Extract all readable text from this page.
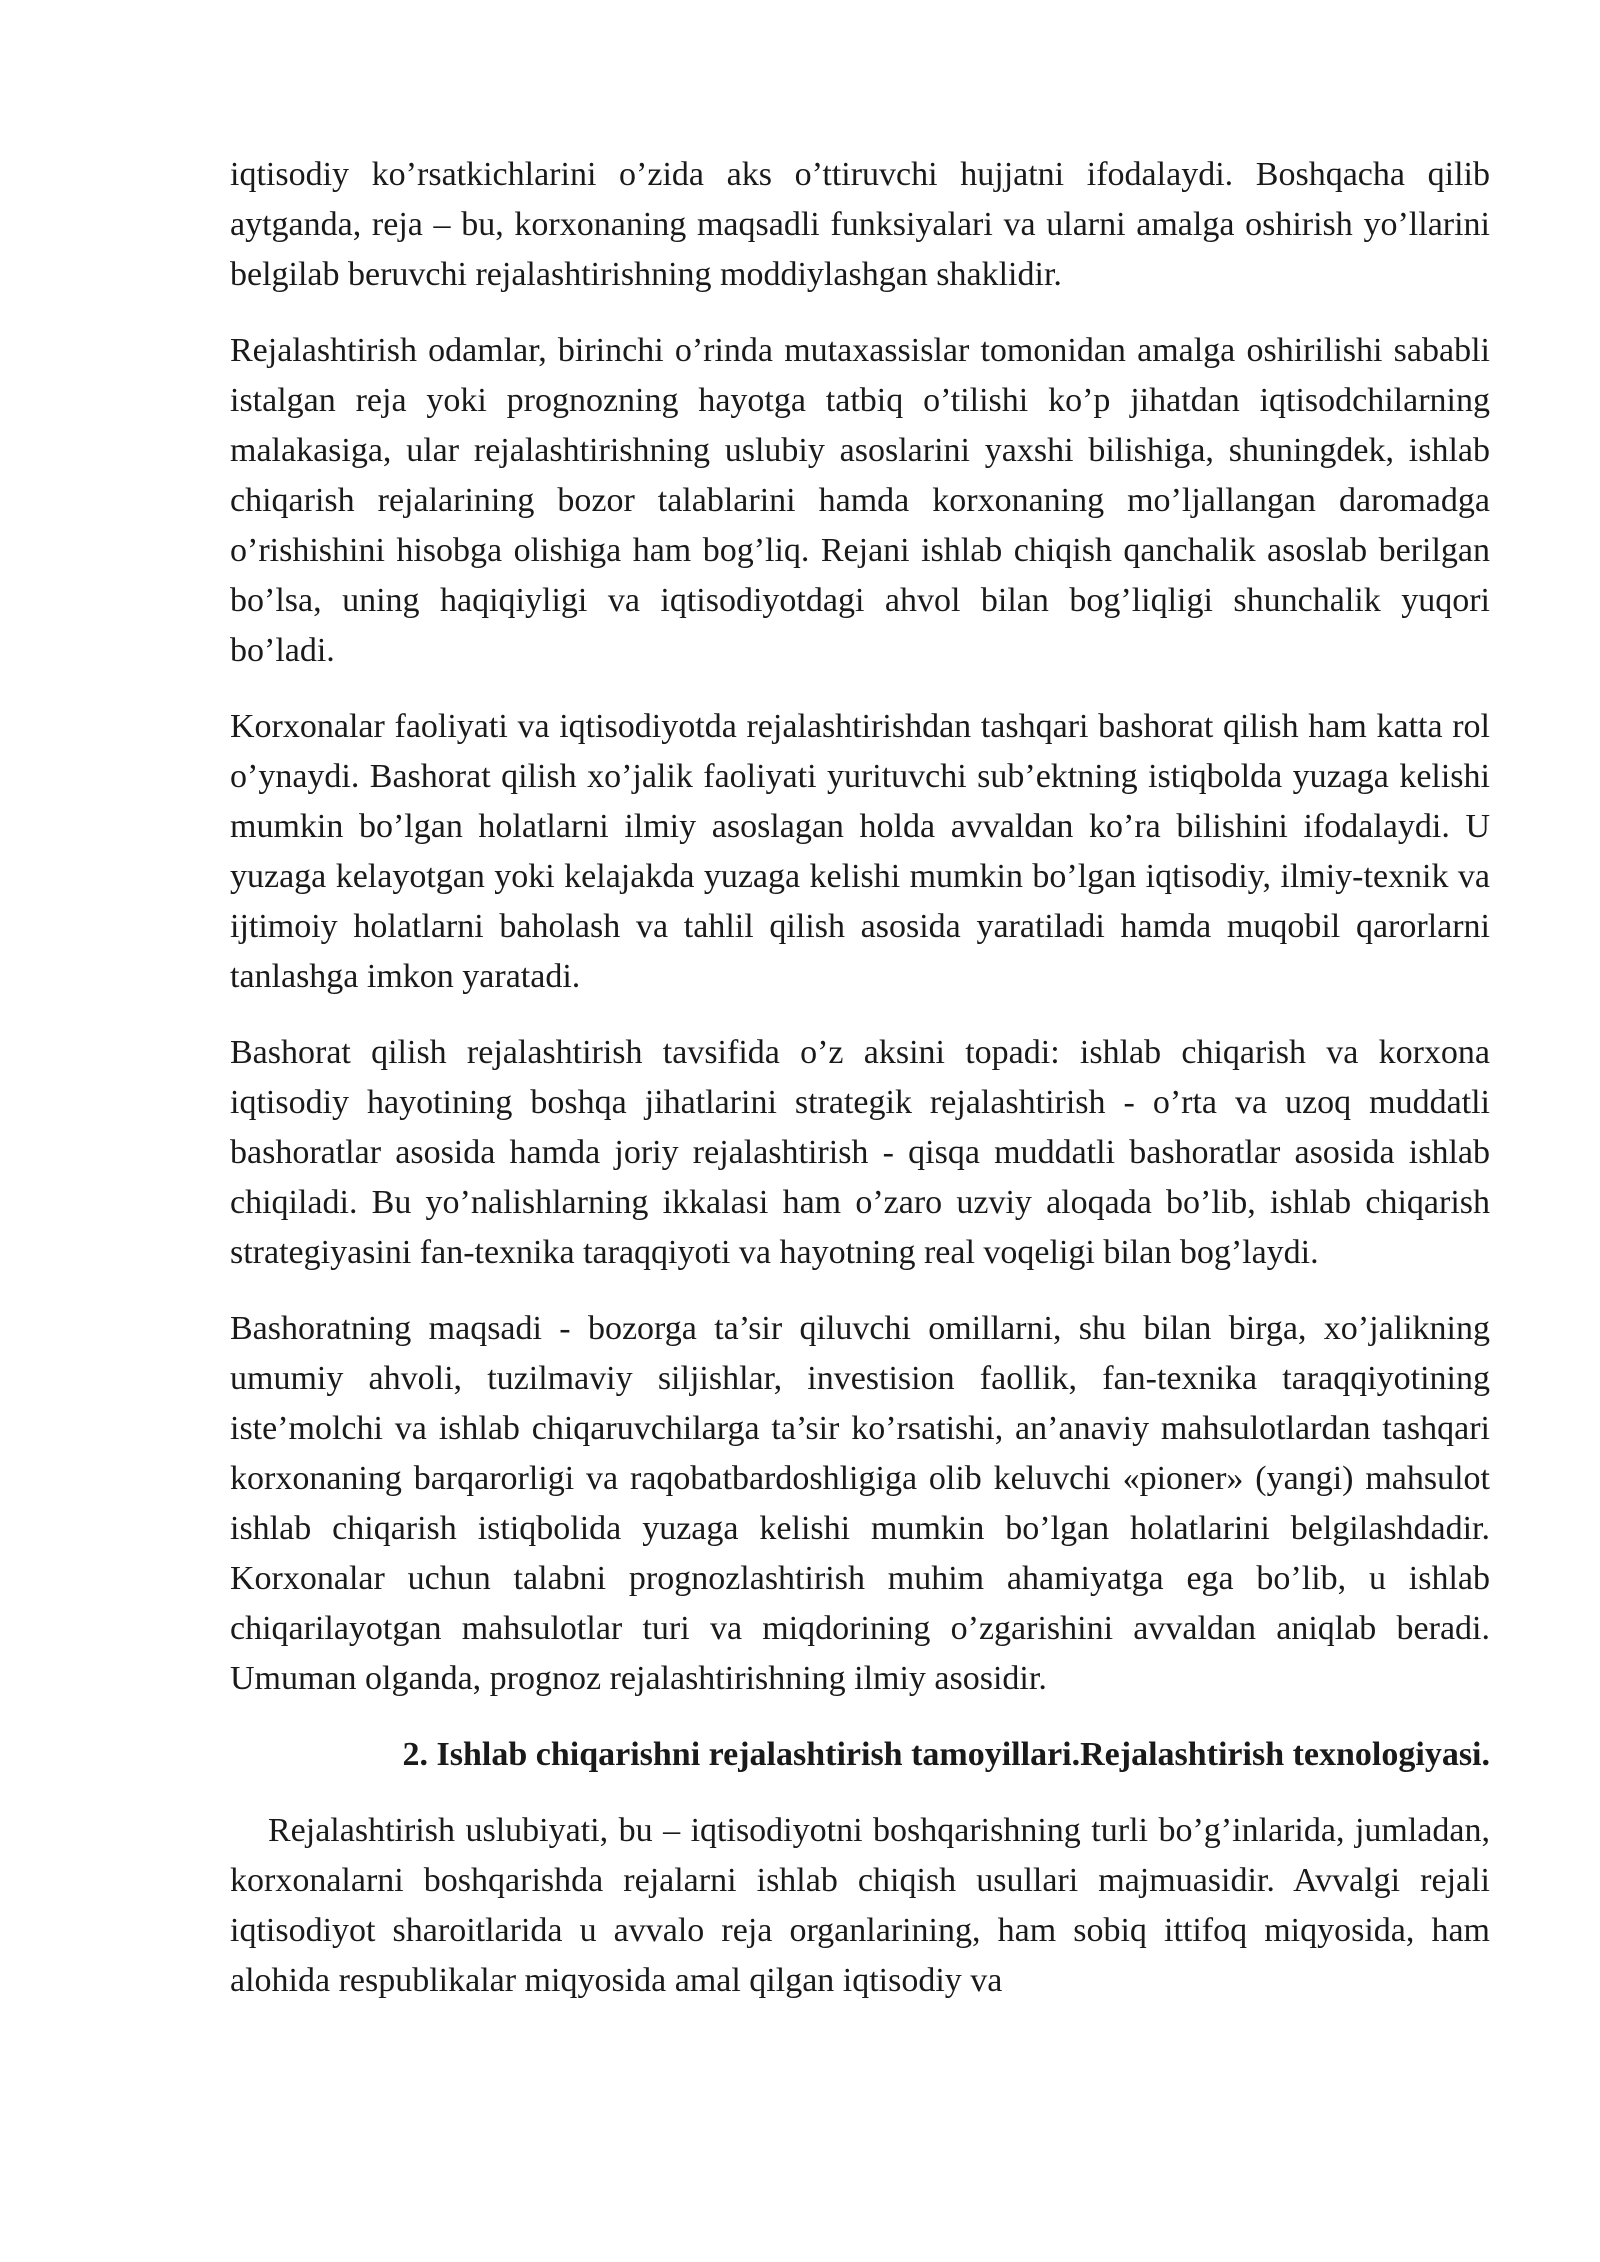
iqtisodiy ko’rsatkichlarini o’zida aks o’ttiruvchi hujjatni ifodalaydi. Boshqacha qilib aytganda, reja – bu, korxonaning maqsadli funksiyalari va ularni amalga oshirish yo’llarini belgilab beruvchi rejalashtirishning moddiylashgan shaklidir.

Rejalashtirish odamlar, birinchi o’rinda mutaxassislar tomonidan amalga oshirilishi sababli istalgan reja yoki prognozning hayotga tatbiq o’tilishi ko’p jihatdan iqtisodchilarning malakasiga, ular rejalashtirishning uslubiy asoslarini yaxshi bilishiga, shuningdek, ishlab chiqarish rejalarining bozor talablarini hamda korxonaning mo’ljallangan daromadga o’rishishini hisobga olishiga ham bog’liq. Rejani ishlab chiqish qanchalik asoslab berilgan bo’lsa, uning haqiqiyligi va iqtisodiyotdagi ahvol bilan bog’liqligi shunchalik yuqori bo’ladi.

Korxonalar faoliyati va iqtisodiyotda rejalashtirishdan tashqari bashorat qilish ham katta rol o’ynaydi. Bashorat qilish xo’jalik faoliyati yurituvchi sub’ektning istiqbolda yuzaga kelishi mumkin bo’lgan holatlarni ilmiy asoslagan holda avvaldan ko’ra bilishini ifodalaydi. U yuzaga kelayotgan yoki kelajakda yuzaga kelishi mumkin bo’lgan iqtisodiy, ilmiy-texnik va ijtimoiy holatlarni baholash va tahlil qilish asosida yaratiladi hamda muqobil qarorlarni tanlashga imkon yaratadi.

Bashorat qilish rejalashtirish tavsifida o’z aksini topadi: ishlab chiqarish va korxona iqtisodiy hayotining boshqa jihatlarini strategik rejalashtirish - o’rta va uzoq muddatli bashoratlar asosida hamda joriy rejalashtirish - qisqa muddatli bashoratlar asosida ishlab chiqiladi. Bu yo’nalishlarning ikkalasi ham o’zaro uzviy aloqada bo’lib, ishlab chiqarish strategiyasini fan-texnika taraqqiyoti va hayotning real voqeligi bilan bog’laydi.

Bashoratning maqsadi - bozorga ta’sir qiluvchi omillarni, shu bilan birga, xo’jalikning umumiy ahvoli, tuzilmaviy siljishlar, investision faollik, fan-texnika taraqqiyotining iste’molchi va ishlab chiqaruvchilarga ta’sir ko’rsatishi, an’anaviy mahsulotlardan tashqari korxonaning barqarorligi va raqobatbardoshligiga olib keluvchi «pioner» (yangi) mahsulot ishlab chiqarish istiqbolida yuzaga kelishi mumkin bo’lgan holatlarini belgilashdadir. Korxonalar uchun talabni prognozlashtirish muhim ahamiyatga ega bo’lib, u ishlab chiqarilayotgan mahsulotlar turi va miqdorining o’zgarishini avvaldan aniqlab beradi. Umuman olganda, prognoz rejalashtirishning ilmiy asosidir.

2. Ishlab chiqarishni rejalashtirish tamoyillari.Rejalashtirish texnologiyasi.

Rejalashtirish uslubiyati, bu – iqtisodiyotni boshqarishning turli bo’g’inlarida, jumladan, korxonalarni boshqarishda rejalarni ishlab chiqish usullari majmuasidir. Avvalgi rejali iqtisodiyot sharoitlarida u avvalo reja organlarining, ham sobiq ittifoq miqyosida, ham alohida respublikalar miqyosida amal qilgan iqtisodiy va
